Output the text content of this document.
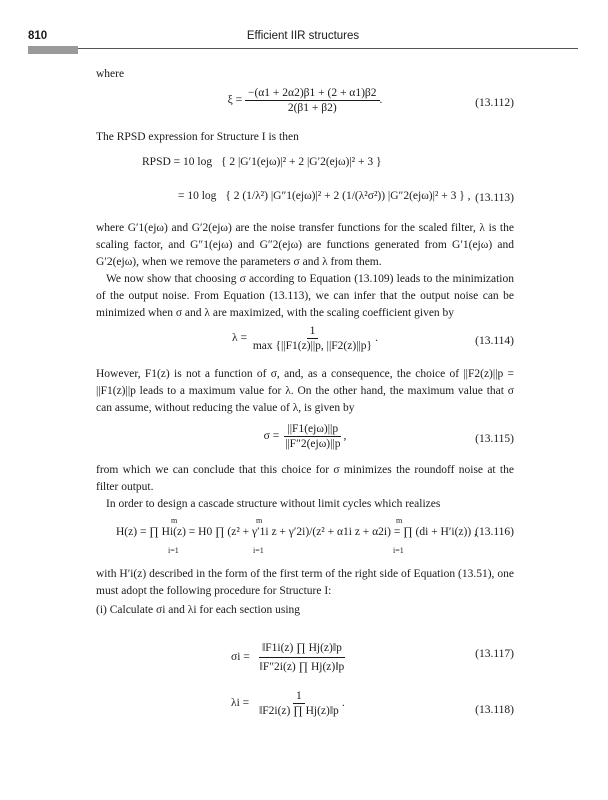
810	Efficient IIR structures
where
$\xi = \frac{-(\alpha 1 + 2\alpha 2)\beta 1 + (2 + \alpha 1)\beta 2}{2(\beta 1 + \beta 2)}$ .	(13.112)
The RPSD expression for Structure I is then
RPSD = 10 log { 2 |G′1(ejω)|² + 2 |G′2(ejω)|² + 3 }
= 10 log { 2 (1/λ²) |G″1(ejω)|² + 2 (1/(λ²σ²)) |G″2(ejω)|² + 3 } , (13.113)
where G′1(ejω) and G′2(ejω) are the noise transfer functions for the scaled filter, λ is the scaling factor, and G″1(ejω) and G″2(ejω) are functions generated from G′1(ejω) and G′2(ejω), when we remove the parameters σ and λ from them.
We now show that choosing σ according to Equation (13.109) leads to the minimization of the output noise. From Equation (13.113), we can infer that the output noise can be minimized when σ and λ are maximized, with the scaling coefficient given by
$\lambda = \frac{1}{\max \{||F1(z)||p, ||F2(z)||p\}}$ .	(13.114)
However, F1(z) is not a function of σ, and, as a consequence, the choice of ||F2(z)||p = ||F1(z)||p leads to a maximum value for λ. On the other hand, the maximum value that σ can assume, without reducing the value of λ, is given by
$\sigma = \frac{\text{||F1(ejω)||p}}{\text{||F″2(ejω)||p}}$ ,	(13.115)
from which we can conclude that this choice for σ minimizes the roundoff noise at the filter output.
In order to design a cascade structure without limit cycles which realizes
m	m	m
H(z) = ∏ Hi(z) = H0 ∏ (z² + γ′1i z + γ′2i)/(z² + α1i z + α2i) = ∏ (di + H′i(z)) ,
i=1	i=1	i=1
(13.116)
with H′i(z) described in the form of the first term of the right side of Equation (13.51), one must adopt the following procedure for Structure I:
(i) Calculate σi and λi for each section using
$\sigma i = \frac{‖F1i(z) \prod Hj(z)‖p}{‖F''2i(z) \prod Hj(z)‖p}$	(13.117)
$\lambda i = \frac{1}{‖F2i(z) \prod Hj(z)‖p}$ .
(13.118)
